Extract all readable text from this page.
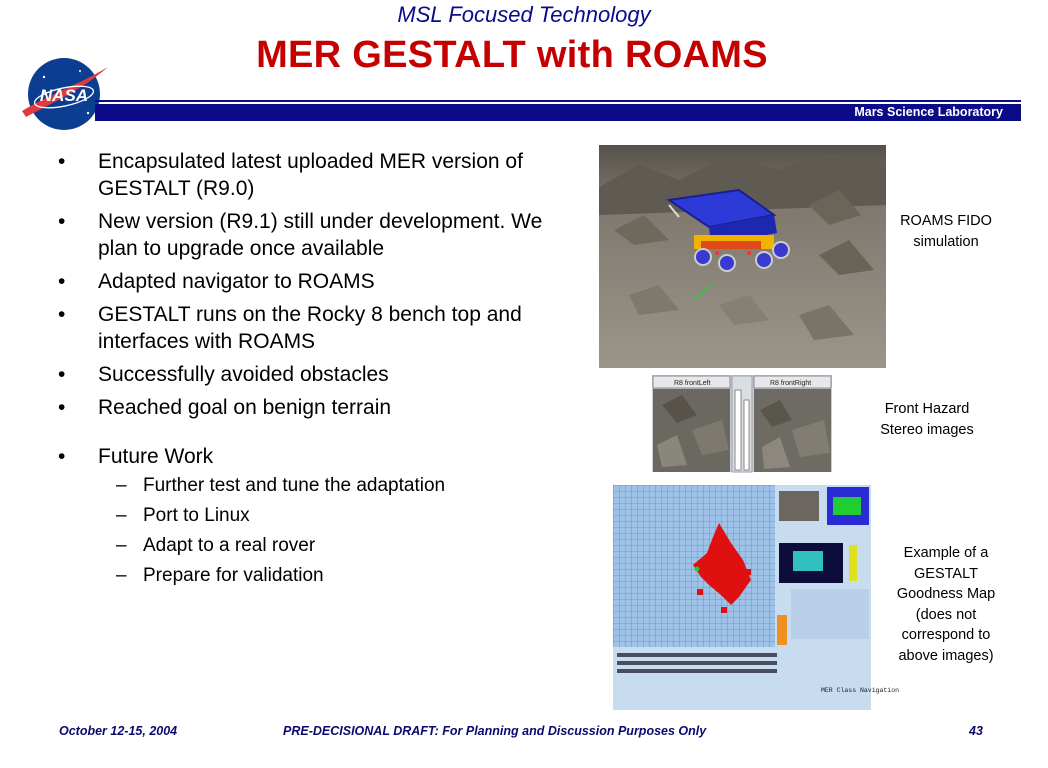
MSL Focused Technology
MER GESTALT with ROAMS
NASA
Mars Science Laboratory
• Encapsulated latest uploaded MER version of GESTALT (R9.0)
• New version (R9.1) still under development. We plan to upgrade once available
• Adapted navigator to ROAMS
• GESTALT runs on the Rocky 8 bench top and interfaces with ROAMS
• Successfully avoided obstacles
• Reached goal on benign terrain
• Future Work
– Further test and tune the adaptation
– Port to Linux
– Adapt to a real rover
– Prepare for validation
R8 frontLeft	R8 frontRight
MER Class Navigation
ROAMS FIDO simulation
Front Hazard Stereo images
Example of a GESTALT Goodness Map (does not correspond to above images)
October 12-15, 2004	PRE-DECISIONAL DRAFT: For Planning and Discussion Purposes Only	43
